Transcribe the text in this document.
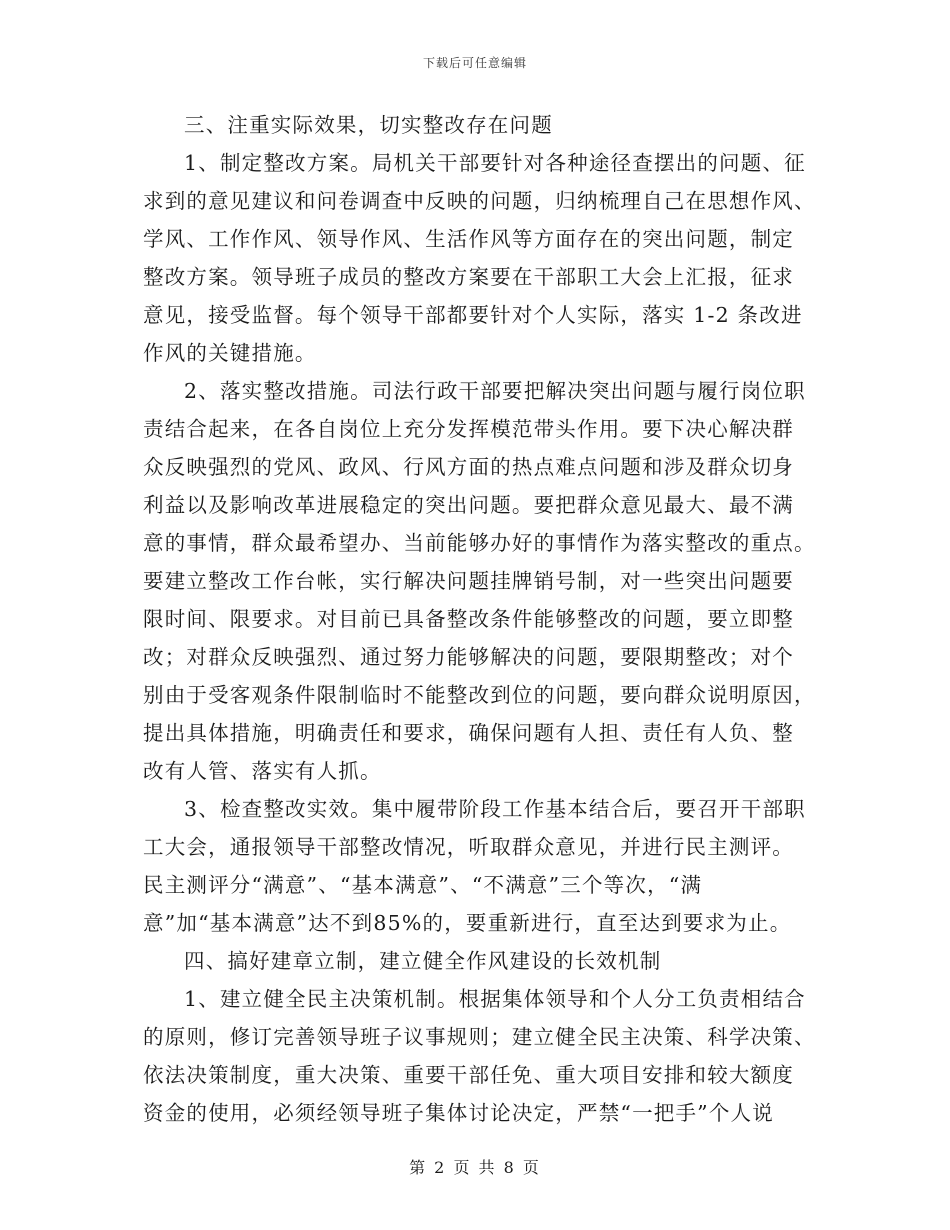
下载后可任意编辑
三、注重实际效果，切实整改存在问题
1、制定整改方案。局机关干部要针对各种途径查摆出的问题、征
求到的意见建议和问卷调查中反映的问题，归纳梳理自己在思想作风、
学风、工作作风、领导作风、生活作风等方面存在的突出问题，制定
整改方案。领导班子成员的整改方案要在干部职工大会上汇报，征求
意见，接受监督。每个领导干部都要针对个人实际，落实 1-2 条改进
作风的关键措施。
2、落实整改措施。司法行政干部要把解决突出问题与履行岗位职
责结合起来，在各自岗位上充分发挥模范带头作用。要下决心解决群
众反映强烈的党风、政风、行风方面的热点难点问题和涉及群众切身
利益以及影响改革进展稳定的突出问题。要把群众意见最大、最不满
意的事情，群众最希望办、当前能够办好的事情作为落实整改的重点。
要建立整改工作台帐，实行解决问题挂牌销号制，对一些突出问题要
限时间、限要求。对目前已具备整改条件能够整改的问题，要立即整
改；对群众反映强烈、通过努力能够解决的问题，要限期整改；对个
别由于受客观条件限制临时不能整改到位的问题，要向群众说明原因，
提出具体措施，明确责任和要求，确保问题有人担、责任有人负、整
改有人管、落实有人抓。
3、检查整改实效。集中履带阶段工作基本结合后，要召开干部职
工大会，通报领导干部整改情况，听取群众意见，并进行民主测评。
民主测评分“满意”、“基本满意”、“不满意”三个等次，“满
意”加“基本满意”达不到85%的，要重新进行，直至达到要求为止。
四、搞好建章立制，建立健全作风建设的长效机制
1、建立健全民主决策机制。根据集体领导和个人分工负责相结合
的原则，修订完善领导班子议事规则；建立健全民主决策、科学决策、
依法决策制度，重大决策、重要干部任免、重大项目安排和较大额度
资金的使用，必须经领导班子集体讨论决定，严禁“一把手”个人说
第 2 页 共 8 页
